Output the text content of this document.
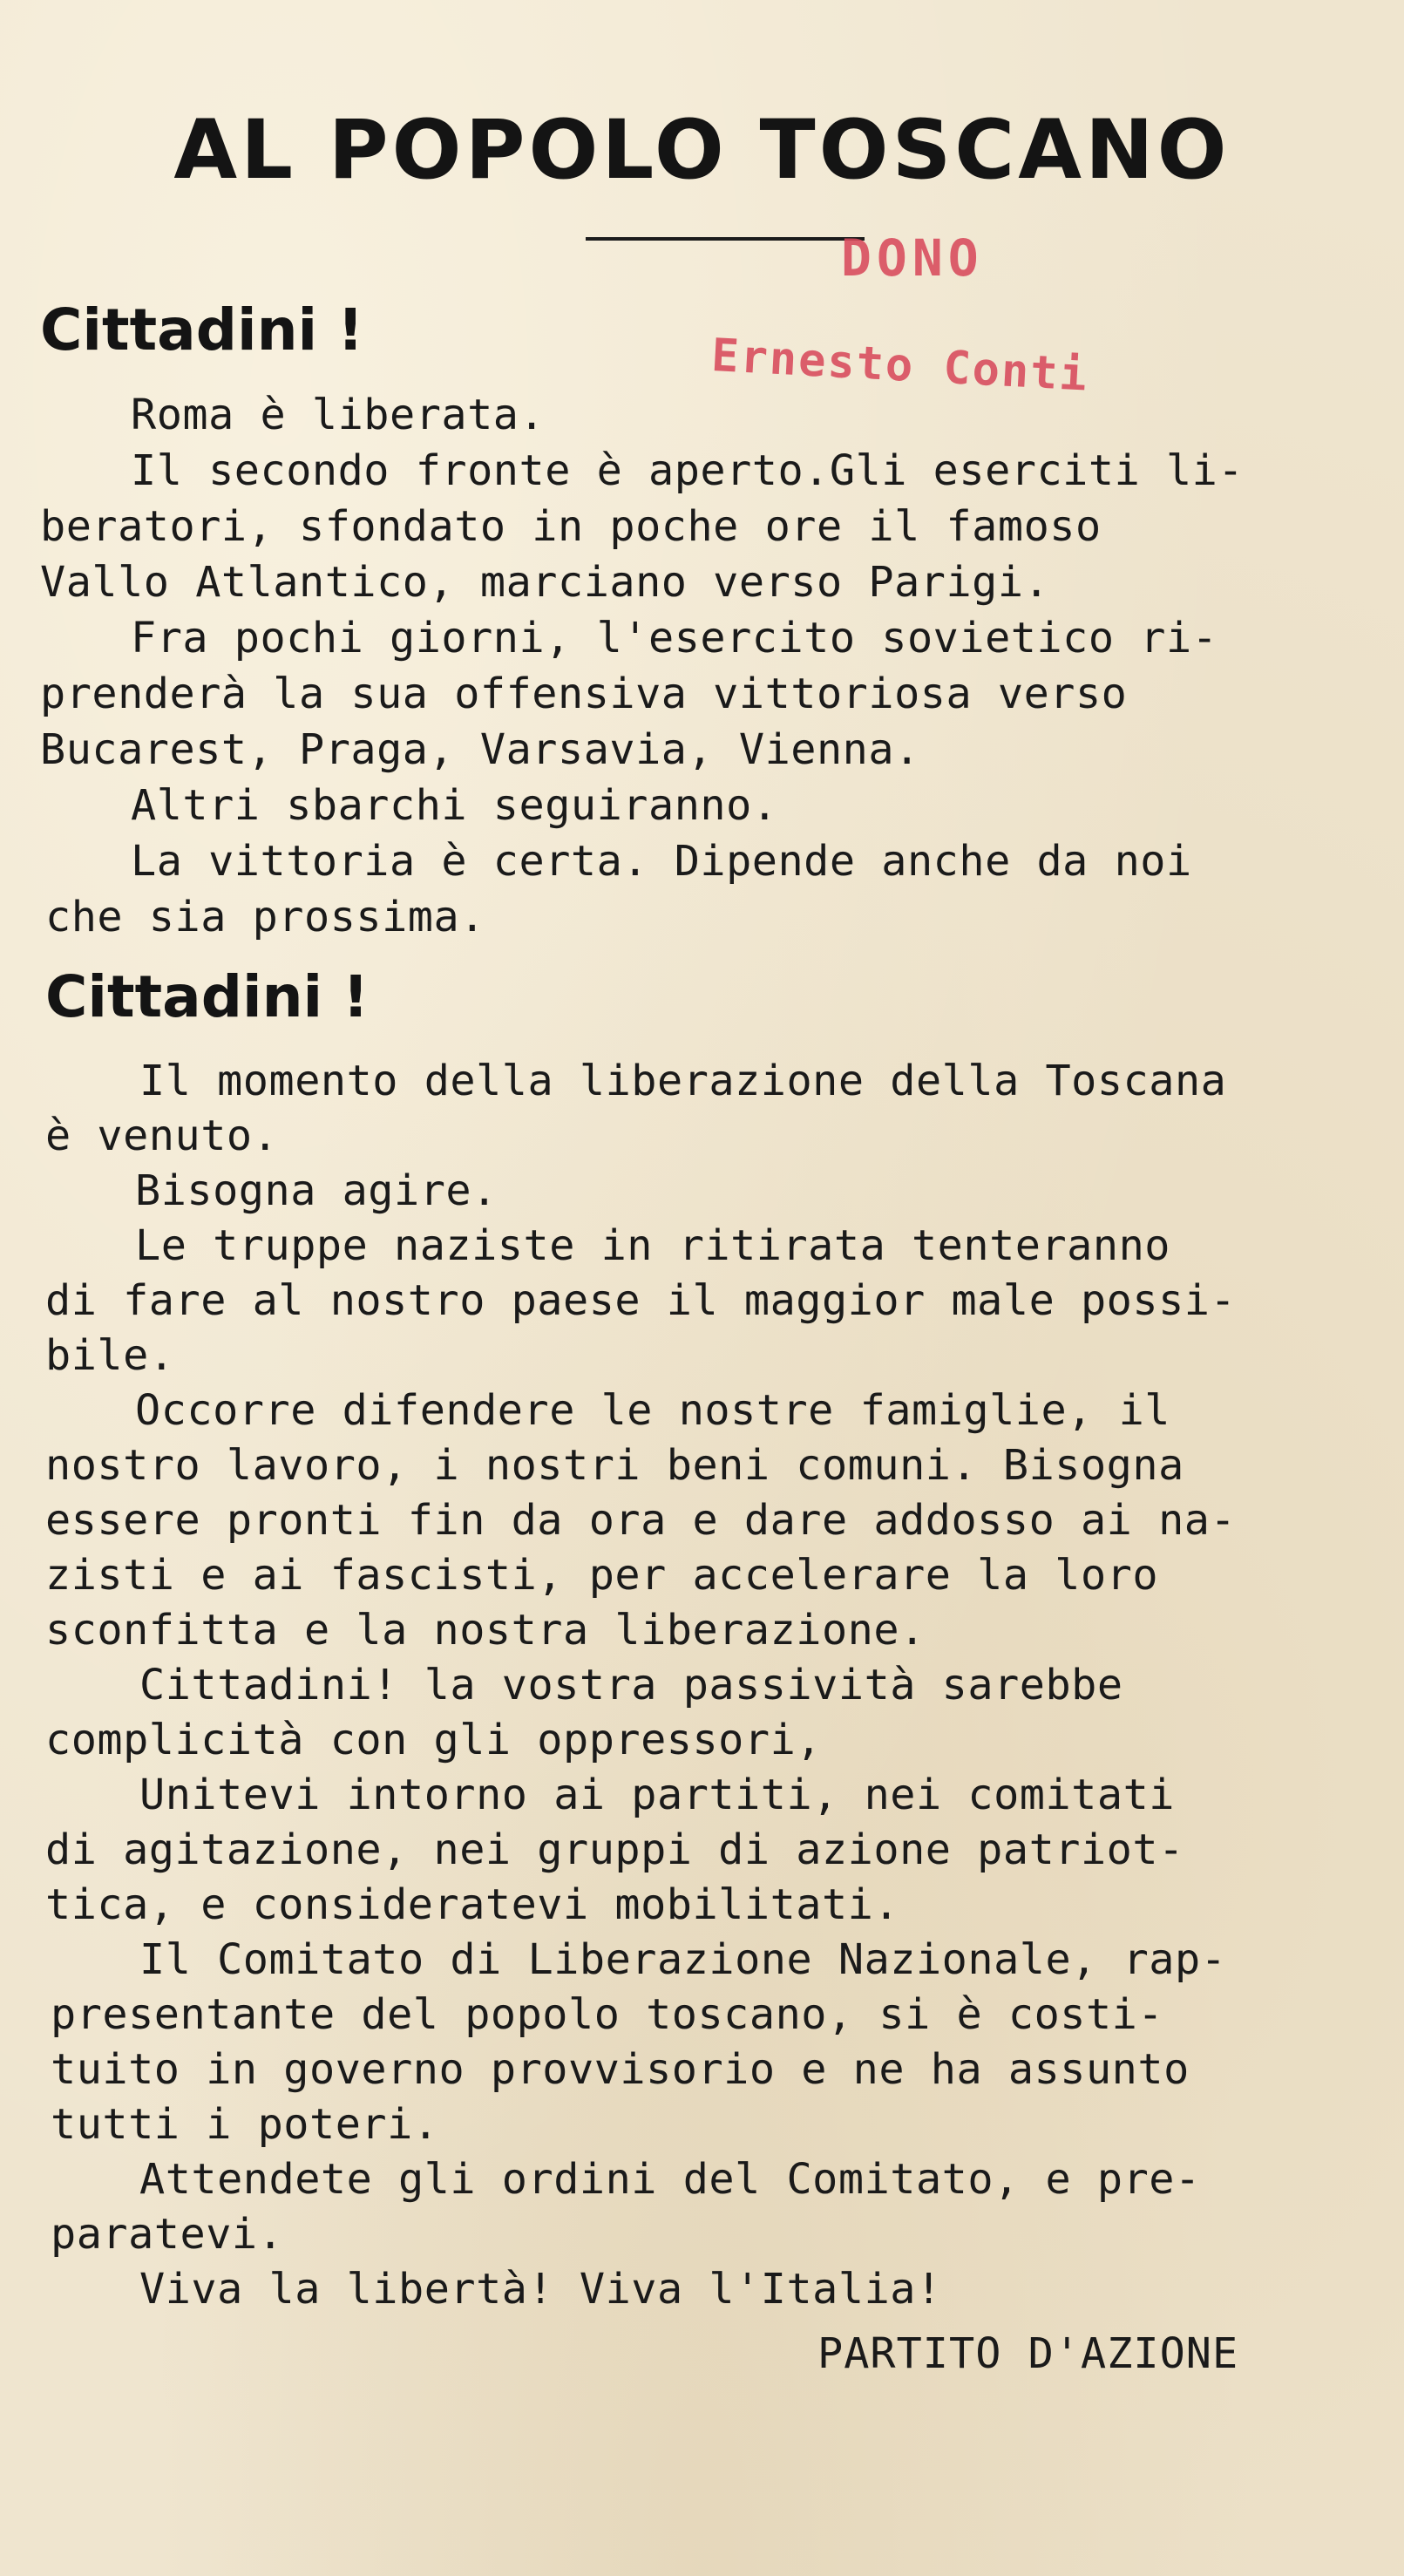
AL POPOLO TOSCANO
DONO
Ernesto Conti
Cittadini !
Roma è liberata.
Il secondo fronte è aperto.Gli eserciti li-
beratori, sfondato in poche ore il famoso
Vallo Atlantico, marciano verso Parigi.
Fra pochi giorni, l'esercito sovietico ri-
prenderà la sua offensiva vittoriosa verso
Bucarest, Praga, Varsavia, Vienna.
Altri sbarchi seguiranno.
La vittoria è certa. Dipende anche da noi
che sia prossima.
Cittadini !
Il momento della liberazione della Toscana
è venuto.
Bisogna agire.
Le truppe naziste in ritirata tenteranno
di fare al nostro paese il maggior male possi-
bile.
Occorre difendere le nostre famiglie, il
nostro lavoro, i nostri beni comuni. Bisogna
essere pronti fin da ora e dare addosso ai na-
zisti e ai fascisti, per accelerare la loro
sconfitta e la nostra liberazione.
Cittadini! la vostra passività sarebbe
complicità con gli oppressori,
Unitevi intorno ai partiti, nei comitati
di agitazione, nei gruppi di azione patriot-
tica, e consideratevi mobilitati.
Il Comitato di Liberazione Nazionale, rap-
presentante del popolo toscano, si è costi-
tuito in governo provvisorio e ne ha assunto
tutti i poteri.
Attendete gli ordini del Comitato, e pre-
paratevi.
Viva la libertà! Viva l'Italia!
PARTITO D'AZIONE
